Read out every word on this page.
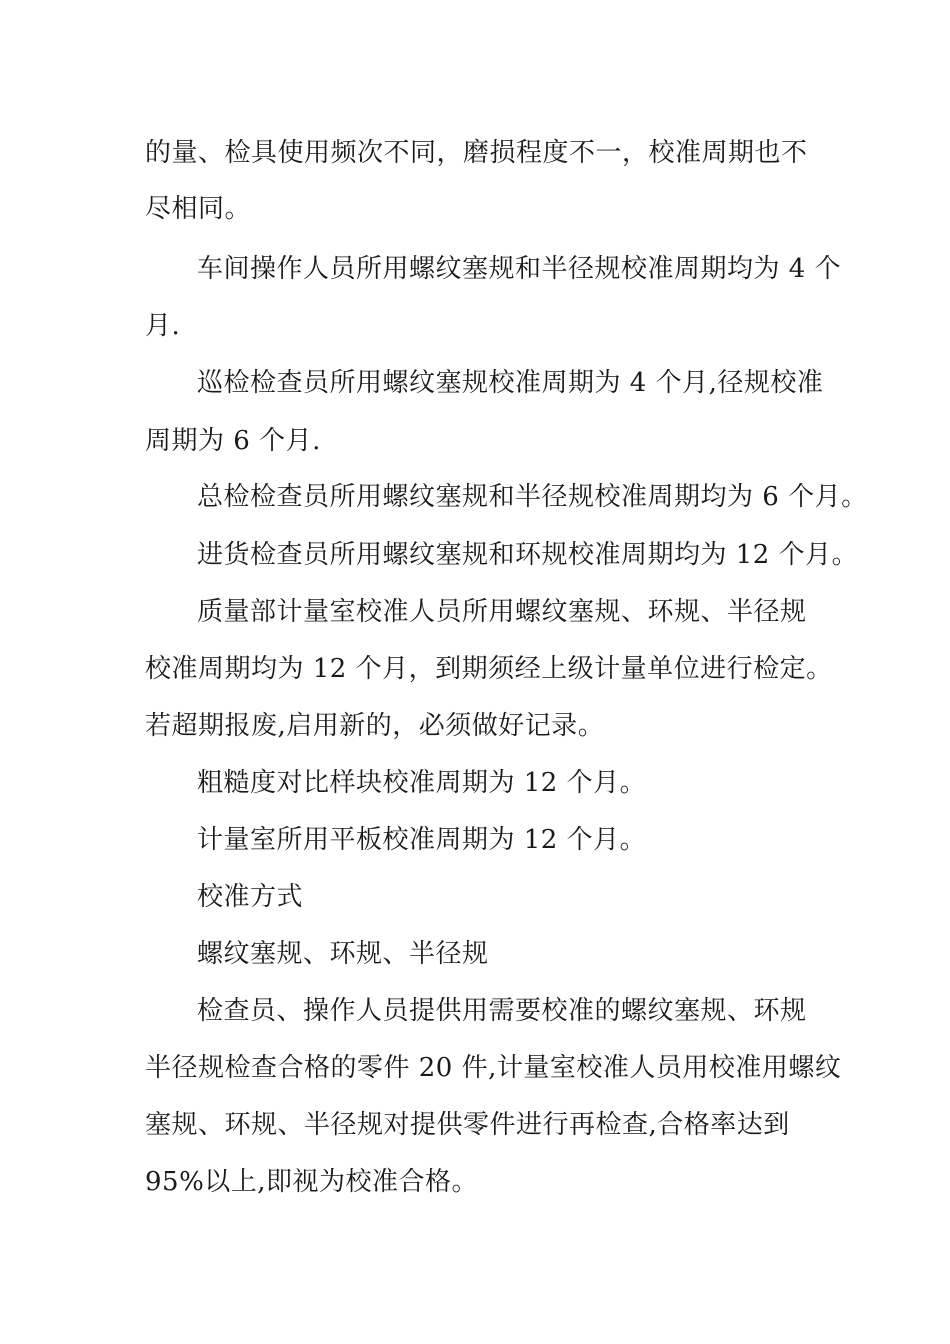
的量、检具使用频次不同，磨损程度不一，校准周期也不
尽相同。
车间操作人员所用螺纹塞规和半径规校准周期均为 4 个
月.
巡检检查员所用螺纹塞规校准周期为 4 个月,径规校准
周期为 6 个月.
总检检查员所用螺纹塞规和半径规校准周期均为 6 个月。
进货检查员所用螺纹塞规和环规校准周期均为 12 个月。
质量部计量室校准人员所用螺纹塞规、环规、半径规
校准周期均为 12 个月，到期须经上级计量单位进行检定。
若超期报废,启用新的，必须做好记录。
粗糙度对比样块校准周期为 12 个月。
计量室所用平板校准周期为 12 个月。
校准方式
螺纹塞规、环规、半径规
检查员、操作人员提供用需要校准的螺纹塞规、环规
半径规检查合格的零件 20 件,计量室校准人员用校准用螺纹
塞规、环规、半径规对提供零件进行再检查,合格率达到
95%以上,即视为校准合格。
